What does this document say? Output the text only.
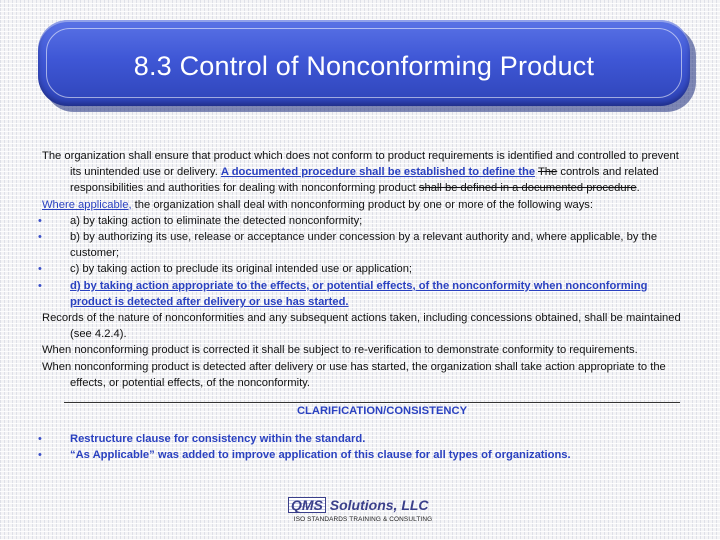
8.3 Control of Nonconforming Product

The organization shall ensure that product which does not conform to product requirements is identified and controlled to prevent its unintended use or delivery. A documented procedure shall be established to define the The controls and related responsibilities and authorities for dealing with nonconforming product shall be defined in a documented procedure.

Where applicable, the organization shall deal with nonconforming product by one or more of the following ways:

•	a) by taking action to eliminate the detected nonconformity;

•	b) by authorizing its use, release or acceptance under concession by a relevant authority and, where applicable, by the customer;

•	c) by taking action to preclude its original intended use or application;

•	d) by taking action appropriate to the effects, or potential effects, of the nonconformity when nonconforming product is detected after delivery or use has started.

Records of the nature of nonconformities and any subsequent actions taken, including concessions obtained, shall be maintained (see 4.2.4).

When nonconforming product is corrected it shall be subject to re-verification to demonstrate conformity to requirements.

When nonconforming product is detected after delivery or use has started, the organization shall take action appropriate to the effects, or potential effects, of the nonconformity.

CLARIFICATION/CONSISTENCY

•	Restructure clause for consistency within the standard.

•	“As Applicable” was added to improve application of this clause for all types of organizations.

QMS Solutions, LLC
ISO STANDARDS TRAINING & CONSULTING
